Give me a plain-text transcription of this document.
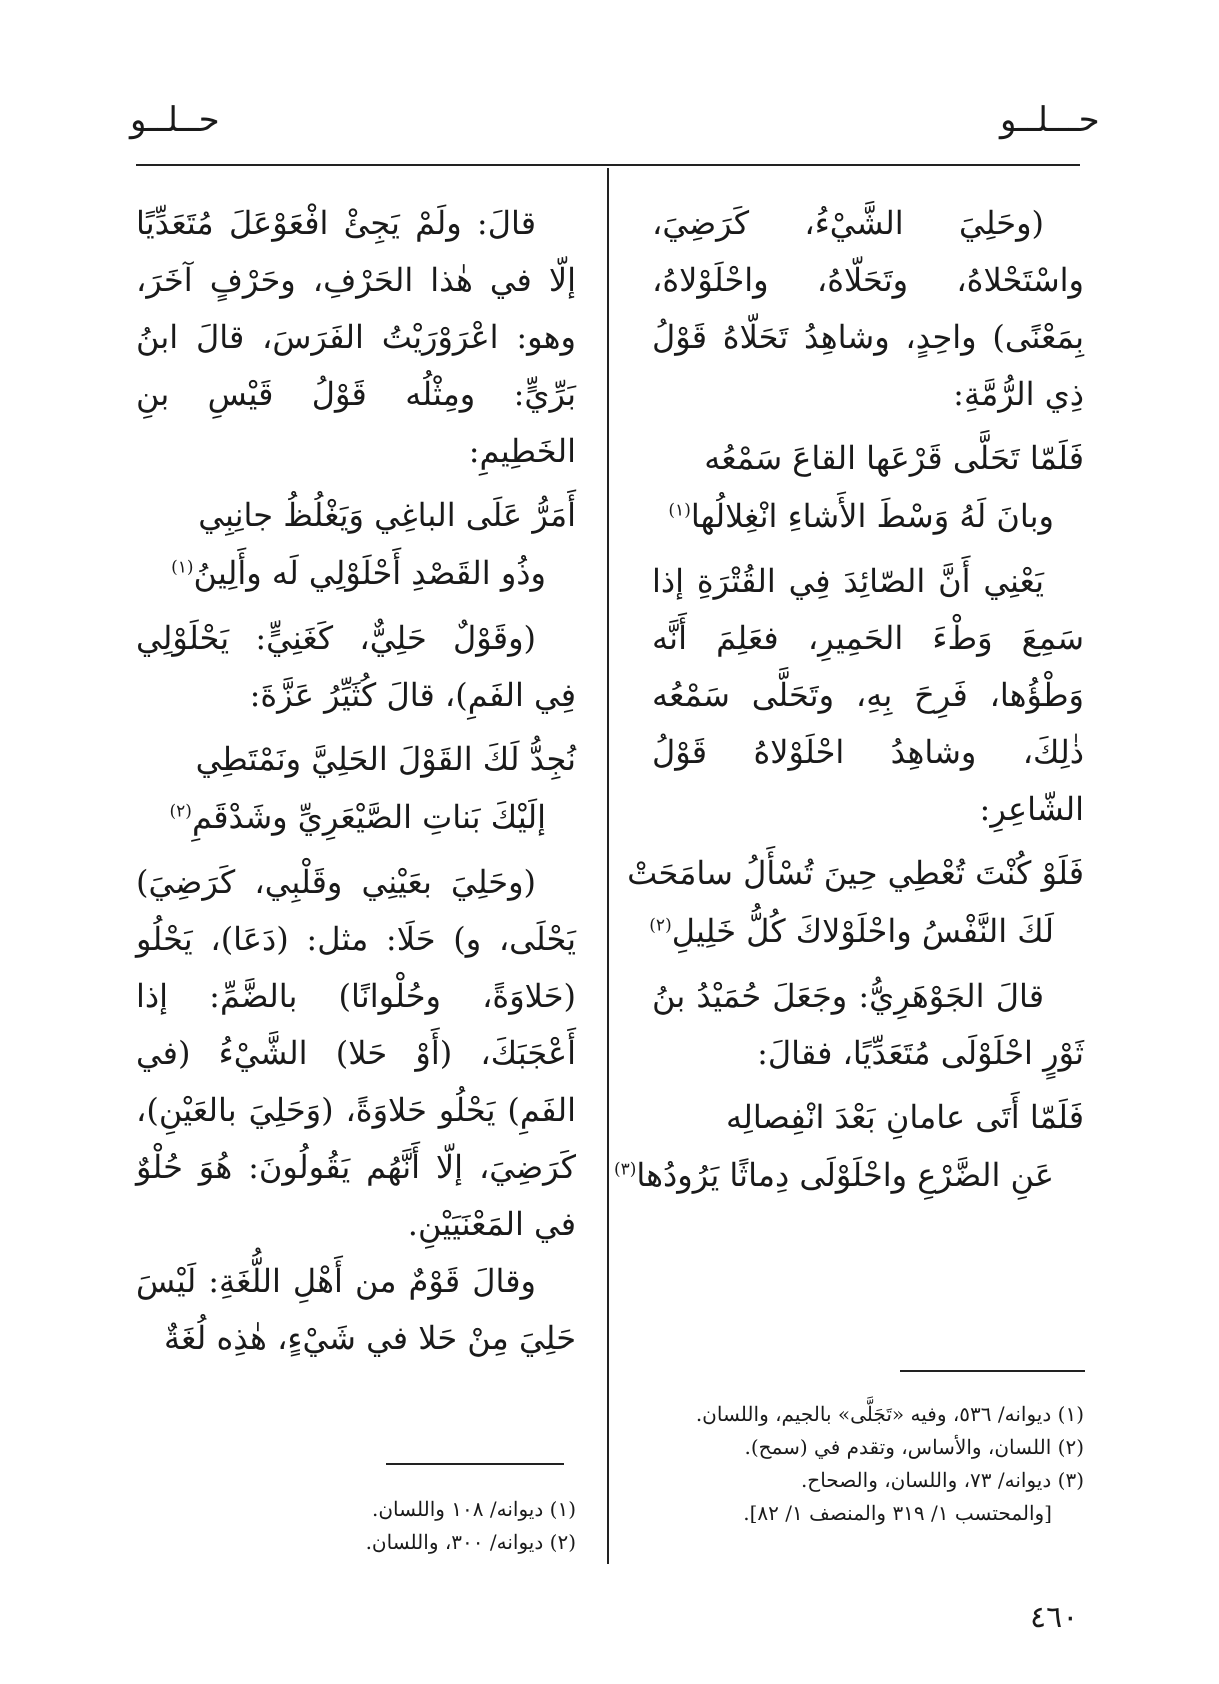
حـــلــو
حــلــو

(وحَلِيَ الشَّيْءُ، كَرَضِيَ، واسْتَحْلاهُ، وتَحَلّاهُ، واحْلَوْلاهُ، بِمَعْنًى) واحِدٍ، وشاهِدُ تَحَلّاهُ قَوْلُ ذِي الرُّمَّةِ:

فَلَمّا تَحَلَّى قَرْعَها القاعَ سَمْعُه
وبانَ لَهُ وَسْطَ الأَشاءِ انْغِلالُها$^{(١)}$

يَعْنِي أَنَّ الصّائِدَ فِي القُتْرَةِ إذا سَمِعَ وَطْءَ الحَمِيرِ، فعَلِمَ أَنَّه وَطْؤُها، فَرِحَ بِهِ، وتَحَلَّى سَمْعُه ذٰلِكَ، وشاهِدُ احْلَوْلاهُ قَوْلُ الشّاعِرِ:

فَلَوْ كُنْتَ تُعْطِي حِينَ تُسْأَلُ سامَحَتْ
لَكَ النَّفْسُ واحْلَوْلاكَ كُلُّ خَلِيلِ$^{(٢)}$

قالَ الجَوْهَرِيُّ: وجَعَلَ حُمَيْدُ بنُ ثَوْرٍ احْلَوْلَى مُتَعَدِّيًا، فقالَ:

فَلَمّا أَتَى عامانِ بَعْدَ انْفِصالِه
عَنِ الضَّرْعِ واحْلَوْلَى دِماثًا يَرُودُها$^{(٣)}$

(١) ديوانه/ ٥٣٦، وفيه «تَجَلَّى» بالجيم، واللسان.

(٢) اللسان، والأساس، وتقدم في (سمح).

(٣) ديوانه/ ٧٣، واللسان، والصحاح.

[والمحتسب ١/ ٣١٩ والمنصف ١/ ٨٢].

قالَ: ولَمْ يَجِئْ افْعَوْعَلَ مُتَعَدِّيًا إلّا في هٰذا الحَرْفِ، وحَرْفٍ آخَرَ، وهو: اعْرَوْرَيْتُ الفَرَسَ، قالَ ابنُ بَرِّيٍّ: ومِثْلُه قَوْلُ قَيْسِ بنِ الخَطِيمِ:

أَمَرُّ عَلَى الباغِي وَيَغْلُظُ جانِبِي
وذُو القَصْدِ أَحْلَوْلِي لَه وأَلِينُ$^{(١)}$

(وقَوْلٌ حَلِيٌّ، كَغَنِيٍّ: يَحْلَوْلِي فِي الفَمِ)، قالَ كُثَيِّرُ عَزَّةَ:

نُجِدُّ لَكَ القَوْلَ الحَلِيَّ ونَمْتَطِي
إلَيْكَ بَناتِ الصَّيْعَرِيِّ وشَدْقَمِ$^{(٢)}$

(وحَلِيَ بعَيْنِي وقَلْبِي، كَرَضِيَ) يَحْلَى، و) حَلَا: مثل: (دَعَا)، يَحْلُو (حَلاوَةً، وحُلْوانًا) بالضَّمِّ: إذا أَعْجَبَكَ، (أَوْ حَلا) الشَّيْءُ (في الفَمِ) يَحْلُو حَلاوَةً، (وَحَلِيَ بالعَيْنِ)، كَرَضِيَ، إلّا أَنَّهُم يَقُولُونَ: هُوَ حُلْوٌ في المَعْنَيَيْنِ.

وقالَ قَوْمٌ من أَهْلِ اللُّغَةِ: لَيْسَ حَلِيَ مِنْ حَلا في شَيْءٍ، هٰذِه لُغَةٌ

(١) ديوانه/ ١٠٨ واللسان.

(٢) ديوانه/ ٣٠٠، واللسان.

٤٦٠
